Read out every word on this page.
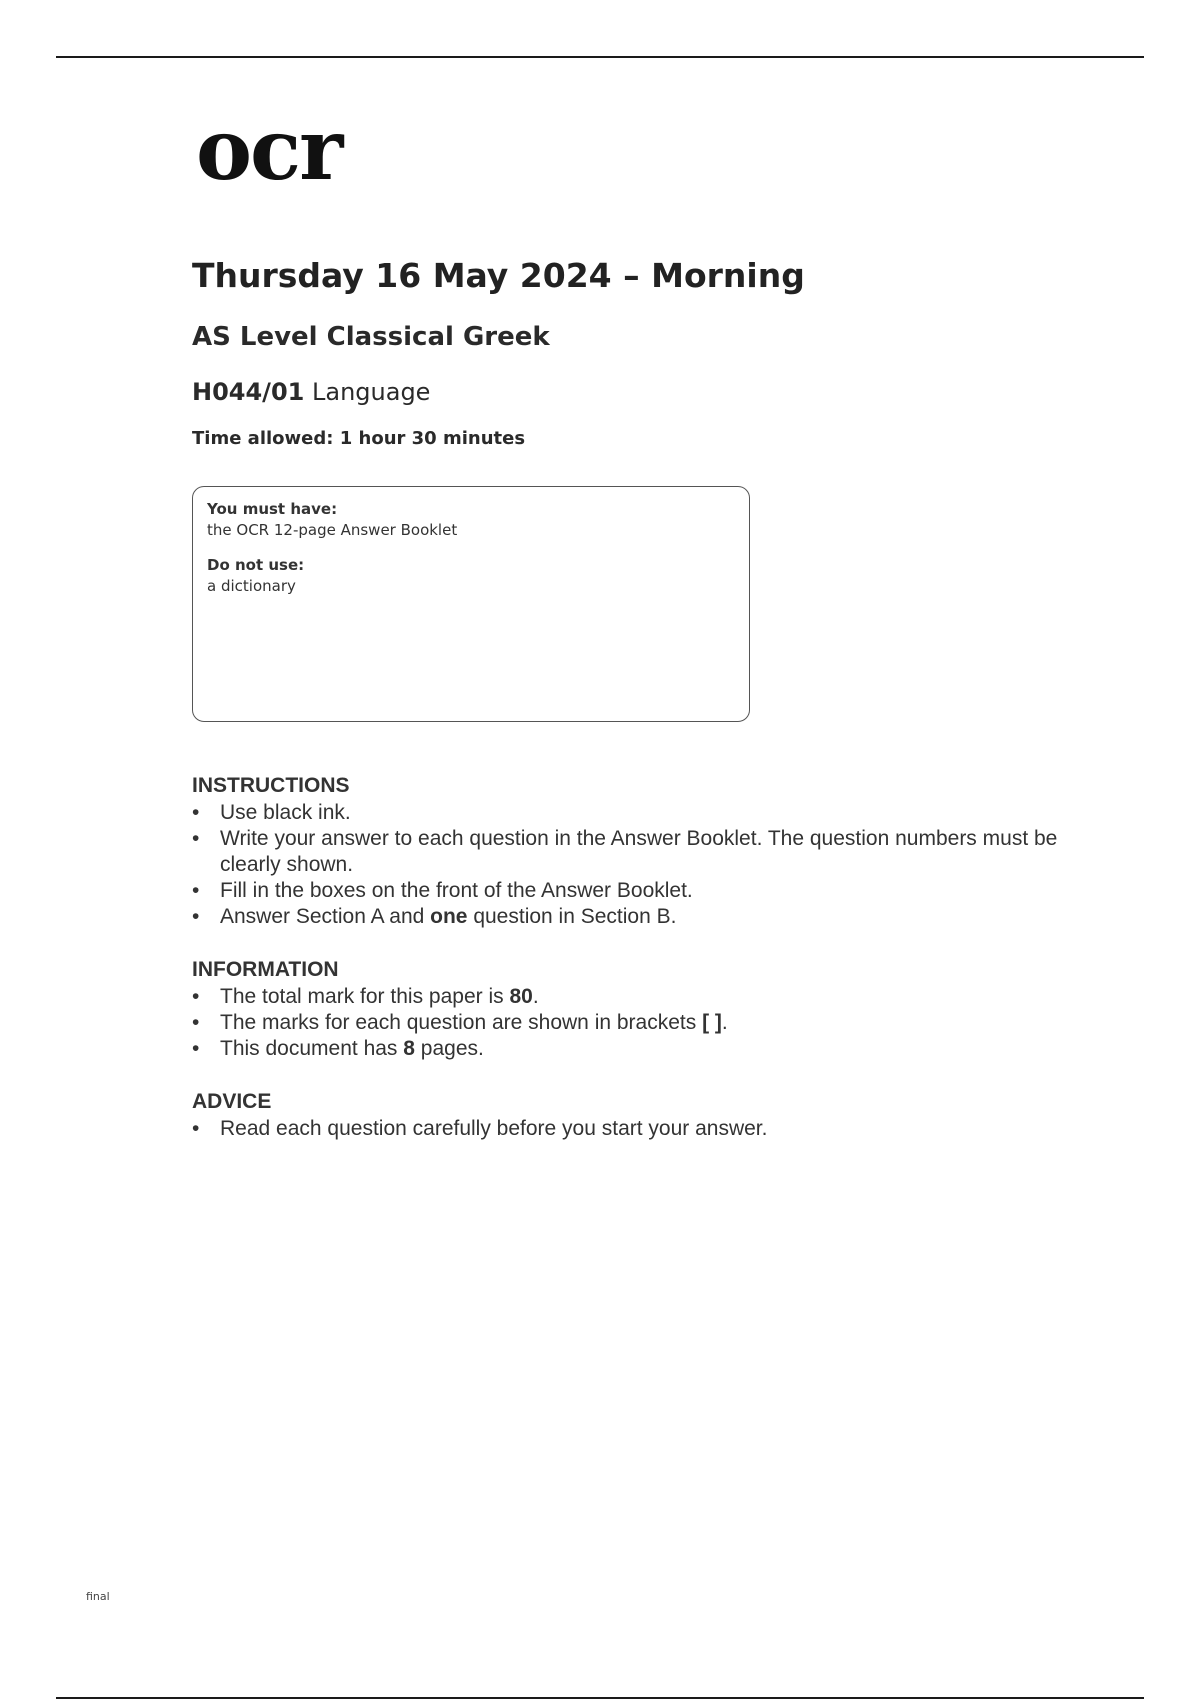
ocr
Thursday 16 May 2024 – Morning
AS Level Classical Greek
H044/01 Language
Time allowed: 1 hour 30 minutes
You must have:
the OCR 12-page Answer Booklet
Do not use:
a dictionary
INSTRUCTIONS
• Use black ink.
• Write your answer to each question in the Answer Booklet. The question numbers must be clearly shown.
• Fill in the boxes on the front of the Answer Booklet.
• Answer Section A and one question in Section B.
INFORMATION
• The total mark for this paper is 80.
• The marks for each question are shown in brackets [ ].
• This document has 8 pages.
ADVICE
• Read each question carefully before you start your answer.
final
